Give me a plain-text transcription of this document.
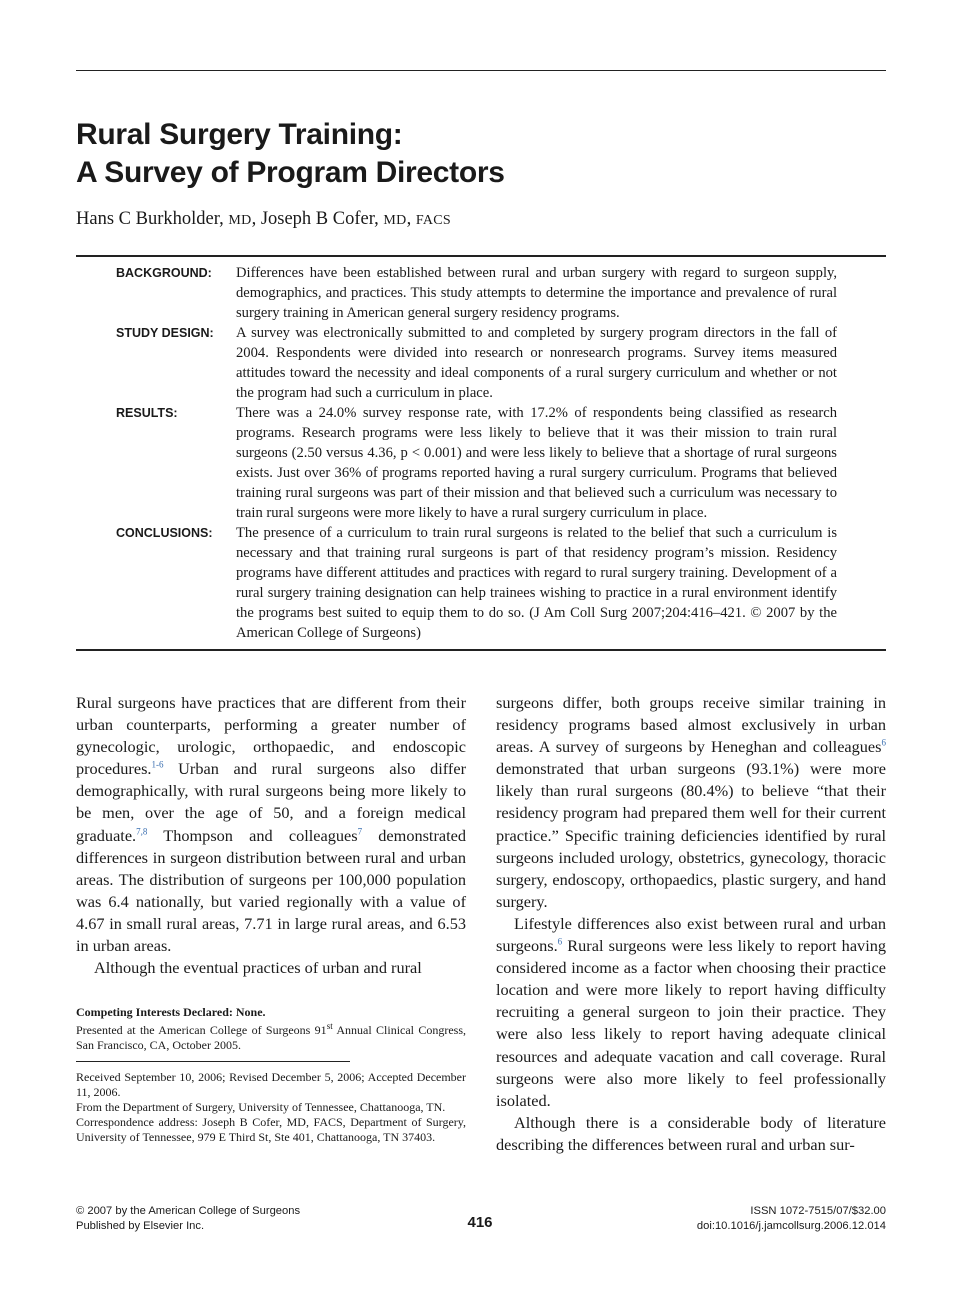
Rural Surgery Training:
A Survey of Program Directors
Hans C Burkholder, MD, Joseph B Cofer, MD, FACS
BACKGROUND:	Differences have been established between rural and urban surgery with regard to surgeon supply, demographics, and practices. This study attempts to determine the importance and prevalence of rural surgery training in American general surgery residency programs.
STUDY DESIGN:	A survey was electronically submitted to and completed by surgery program directors in the fall of 2004. Respondents were divided into research or nonresearch programs. Survey items measured attitudes toward the necessity and ideal components of a rural surgery curriculum and whether or not the program had such a curriculum in place.
RESULTS:	There was a 24.0% survey response rate, with 17.2% of respondents being classified as research programs. Research programs were less likely to believe that it was their mission to train rural surgeons (2.50 versus 4.36, p < 0.001) and were less likely to believe that a shortage of rural surgeons exists. Just over 36% of programs reported having a rural surgery curriculum. Programs that believed training rural surgeons was part of their mission and that believed such a curriculum was necessary to train rural surgeons were more likely to have a rural surgery curriculum in place.
CONCLUSIONS:	The presence of a curriculum to train rural surgeons is related to the belief that such a curriculum is necessary and that training rural surgeons is part of that residency program’s mission. Residency programs have different attitudes and practices with regard to rural surgery training. Development of a rural surgery training designation can help trainees wishing to practice in a rural environment identify the programs best suited to equip them to do so. (J Am Coll Surg 2007;204:416–421. © 2007 by the American College of Surgeons)

Rural surgeons have practices that are different from their urban counterparts, performing a greater number of gynecologic, urologic, orthopaedic, and endoscopic procedures.$^{1-6}$ Urban and rural surgeons also differ demographically, with rural surgeons being more likely to be men, over the age of 50, and a foreign medical graduate.$^{7,8}$ Thompson and colleagues$^7$ demonstrated differences in surgeon distribution between rural and urban areas. The distribution of surgeons per 100,000 population was 6.4 nationally, but varied regionally with a value of 4.67 in small rural areas, 7.71 in large rural areas, and 6.53 in urban areas.

Although the eventual practices of urban and rural

Competing Interests Declared: None.

Presented at the American College of Surgeons 91st Annual Clinical Congress, San Francisco, CA, October 2005.

Received September 10, 2006; Revised December 5, 2006; Accepted December 11, 2006.

From the Department of Surgery, University of Tennessee, Chattanooga, TN.

Correspondence address: Joseph B Cofer, MD, FACS, Department of Surgery, University of Tennessee, 979 E Third St, Ste 401, Chattanooga, TN 37403.

surgeons differ, both groups receive similar training in residency programs based almost exclusively in urban areas. A survey of surgeons by Heneghan and colleagues$^6$ demonstrated that urban surgeons (93.1%) were more likely than rural surgeons (80.4%) to believe “that their residency program had prepared them well for their current practice.” Specific training deficiencies identified by rural surgeons included urology, obstetrics, gynecology, thoracic surgery, endoscopy, orthopaedics, plastic surgery, and hand surgery.

Lifestyle differences also exist between rural and urban surgeons.$^6$ Rural surgeons were less likely to report having considered income as a factor when choosing their practice location and were more likely to report having difficulty recruiting a general surgeon to join their practice. They were also less likely to report having adequate clinical resources and adequate vacation and call coverage. Rural surgeons were also more likely to feel professionally isolated.

Although there is a considerable body of literature describing the differences between rural and urban sur-

© 2007 by the American College of Surgeons
Published by Elsevier Inc.	416
ISSN 1072-7515/07/$32.00
doi:10.1016/j.jamcollsurg.2006.12.014
